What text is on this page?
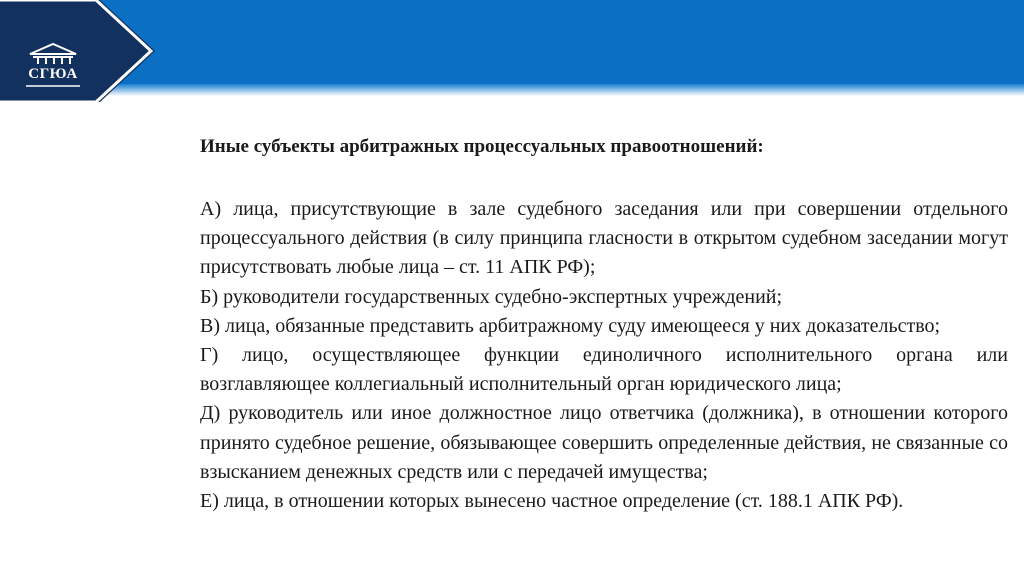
СГЮА
Иные субъекты арбитражных процессуальных правоотношений:

А) лица, присутствующие в зале судебного заседания или при совершении отдельного процессуального действия (в силу принципа гласности в открытом судебном заседании могут присутствовать любые лица – ст. 11 АПК РФ);

Б) руководители государственных судебно-экспертных учреждений;

В) лица, обязанные представить арбитражному суду имеющееся у них доказательство;

Г) лицо, осуществляющее функции единоличного исполнительного органа или возглавляющее коллегиальный исполнительный орган юридического лица;

Д) руководитель или иное должностное лицо ответчика (должника), в отношении которого принято судебное решение, обязывающее совершить определенные действия, не связанные со взысканием денежных средств или с передачей имущества;

Е) лица, в отношении которых вынесено частное определение (ст. 188.1 АПК РФ).
